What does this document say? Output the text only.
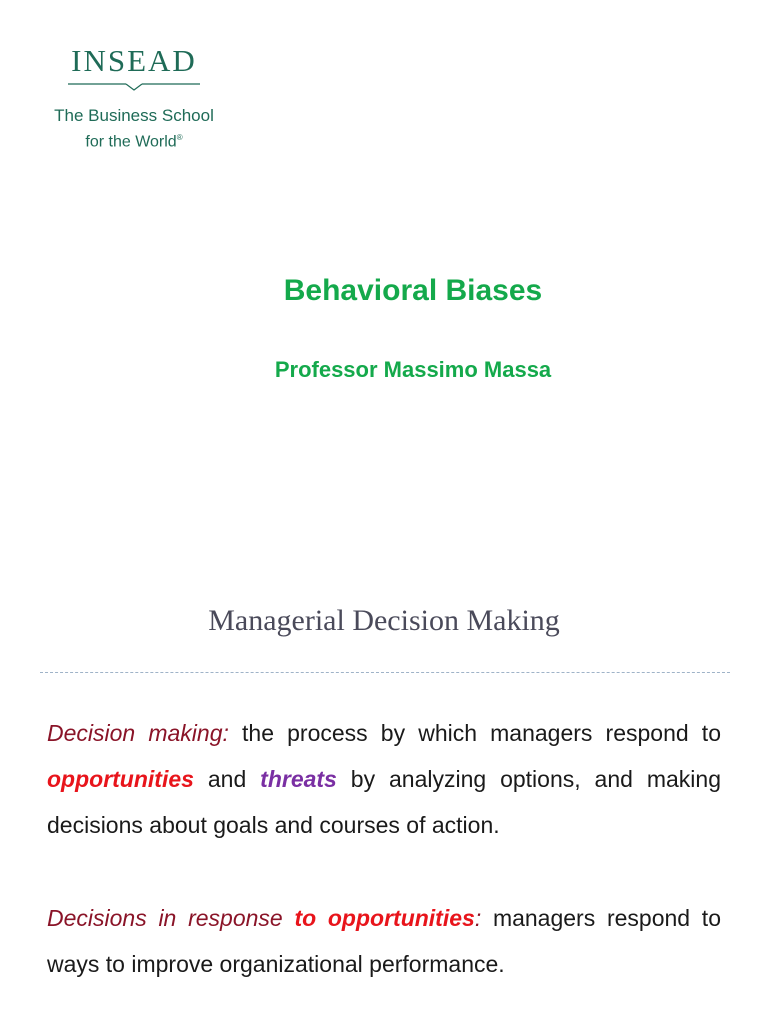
INSEAD
The Business School
for the World®
Behavioral Biases
Professor Massimo Massa
Managerial Decision Making
Decision making: the process by which managers respond to opportunities and threats by analyzing options, and making decisions about goals and courses of action.
Decisions in response to opportunities: managers respond to ways to improve organizational performance.
